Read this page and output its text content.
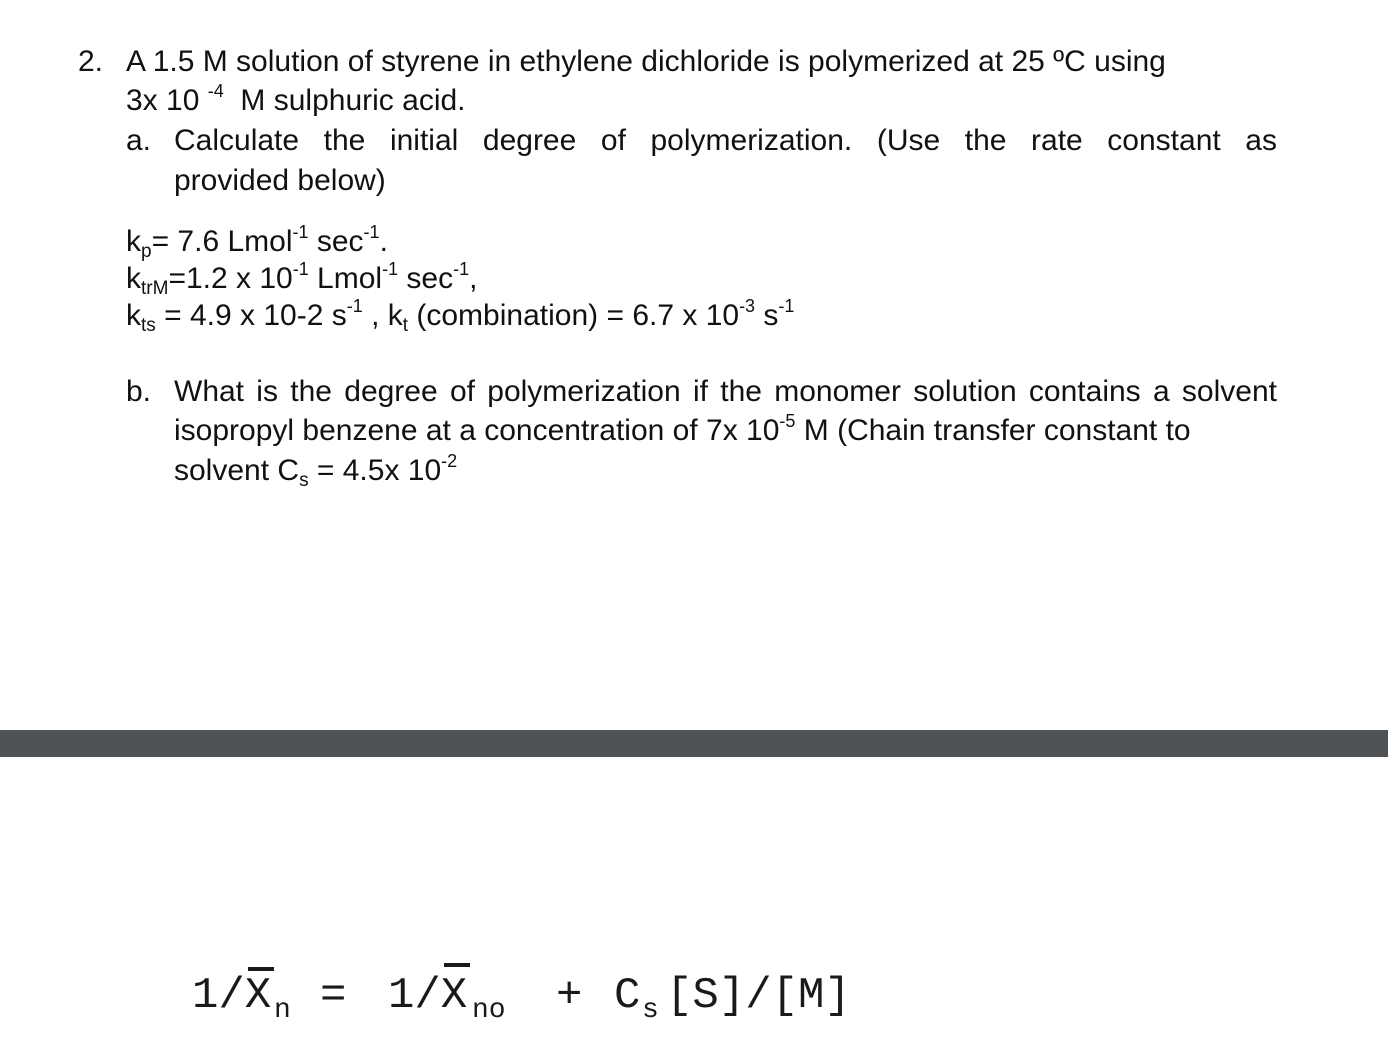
2. A 1.5 M solution of styrene in ethylene dichloride is polymerized at 25 ºC using
3x 10 $^{-4}$ M sulphuric acid.
a. Calculate the initial degree of polymerization. (Use the rate constant as
provided below)
$k_p= 7.6$ Lmol$^{-1}$ $\sec^{-1}$.
$k_{trM}=1.2$ x $10^{-1}$ Lmol$^{-1}$ $\sec^{-1}$,
$k_{ts} = 4.9$ x 10-2 $s^{-1}$ , $k_t$ (combination) = 6.7 x $10^{-3}$ $s^{-1}$
b. What is the degree of polymerization if the monomer solution contains a solvent
isopropyl benzene at a concentration of 7x $10^{-5}$ M (Chain transfer constant to
solvent $C_s = 4.5x$ $10^{-2}$
1/X n = 1/X no + C s [S]/[M]
